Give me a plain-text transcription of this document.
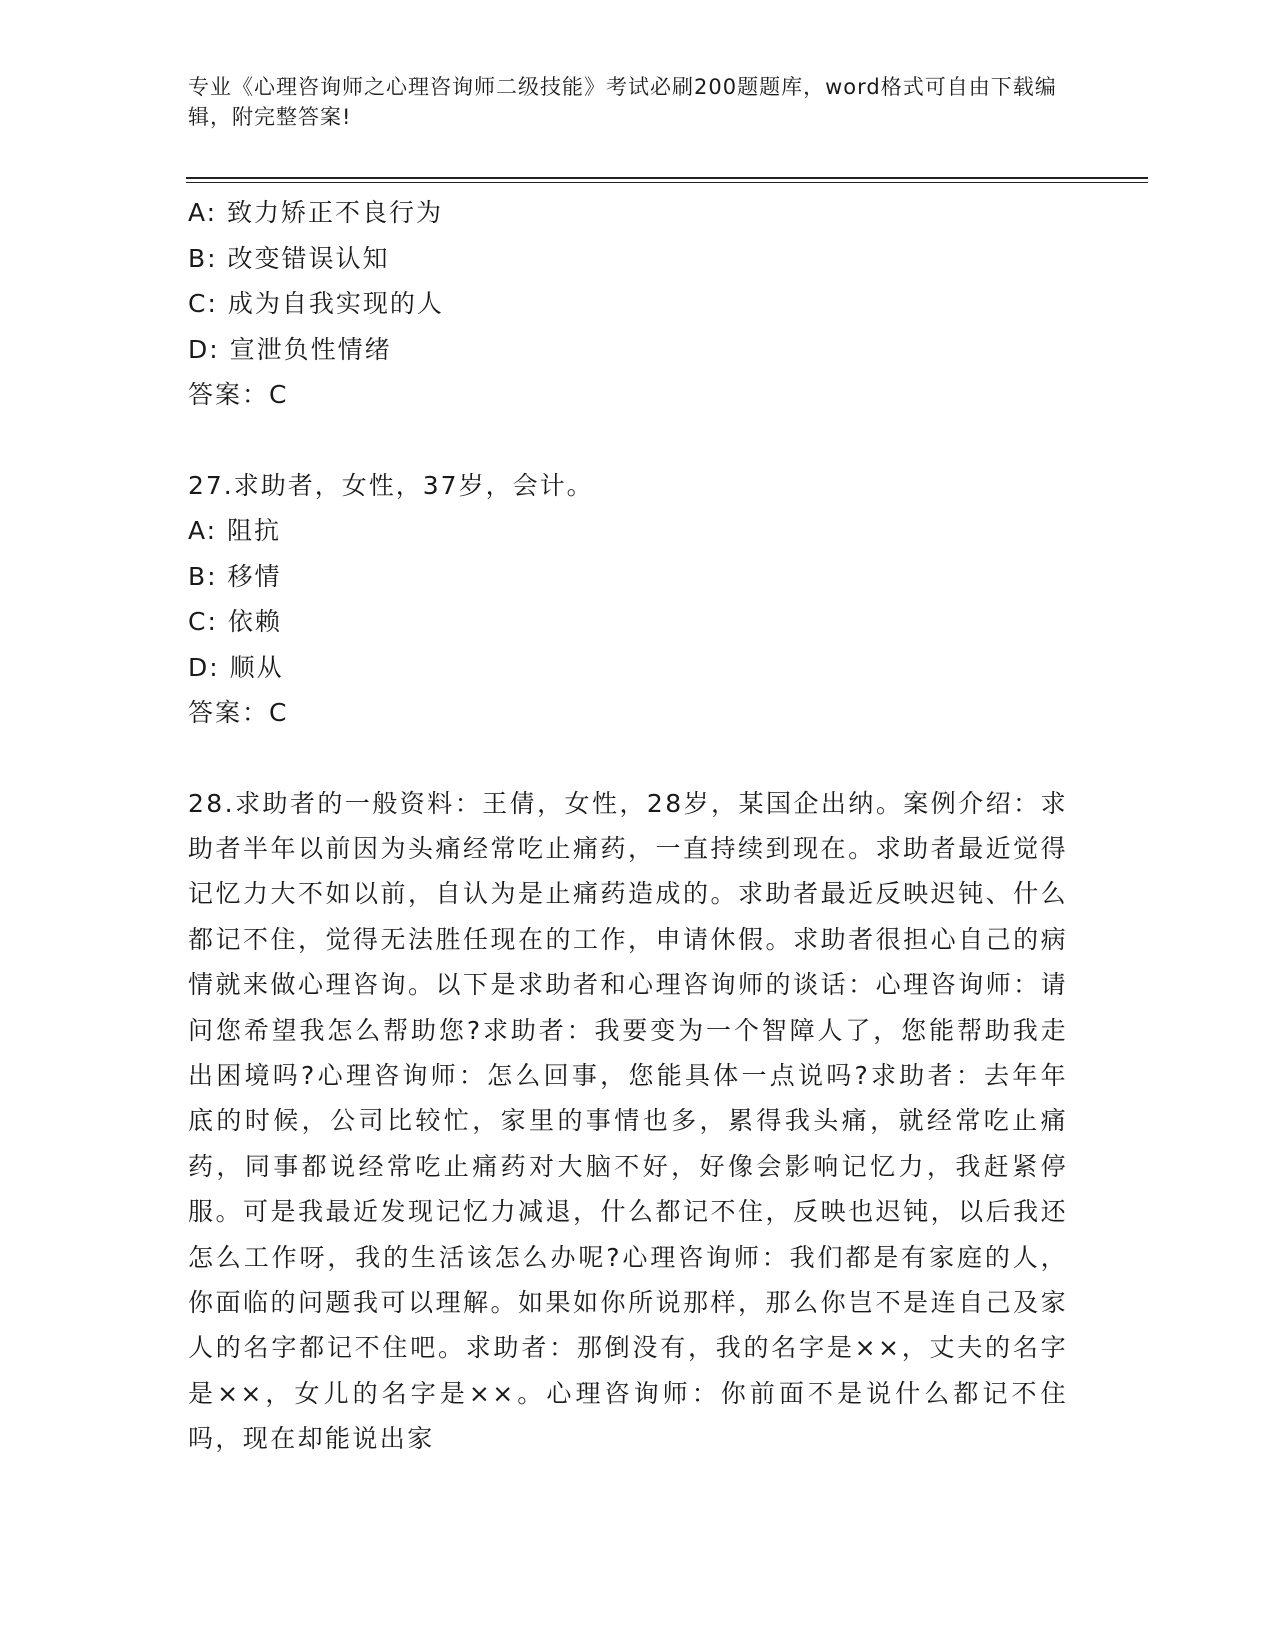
专业《心理咨询师之心理咨询师二级技能》考试必刷200题题库，word格式可自由下载编辑，附完整答案!
A: 致力矫正不良行为
B: 改变错误认知
C: 成为自我实现的人
D: 宣泄负性情绪
答案：C
27.求助者，女性，37岁，会计。
A: 阻抗
B: 移情
C: 依赖
D: 顺从
答案：C
28.求助者的一般资料：王倩，女性，28岁，某国企出纳。案例介绍：求助者半年以前因为头痛经常吃止痛药，一直持续到现在。求助者最近觉得记忆力大不如以前，自认为是止痛药造成的。求助者最近反映迟钝、什么都记不住，觉得无法胜任现在的工作，申请休假。求助者很担心自己的病情就来做心理咨询。以下是求助者和心理咨询师的谈话：心理咨询师：请问您希望我怎么帮助您?求助者：我要变为一个智障人了，您能帮助我走出困境吗?心理咨询师：怎么回事，您能具体一点说吗?求助者：去年年底的时候，公司比较忙，家里的事情也多，累得我头痛，就经常吃止痛药，同事都说经常吃止痛药对大脑不好，好像会影响记忆力，我赶紧停服。可是我最近发现记忆力减退，什么都记不住，反映也迟钝，以后我还怎么工作呀，我的生活该怎么办呢?心理咨询师：我们都是有家庭的人，你面临的问题我可以理解。如果如你所说那样，那么你岂不是连自己及家人的名字都记不住吧。求助者：那倒没有，我的名字是××，丈夫的名字是××，女儿的名字是××。心理咨询师：你前面不是说什么都记不住吗，现在却能说出家
